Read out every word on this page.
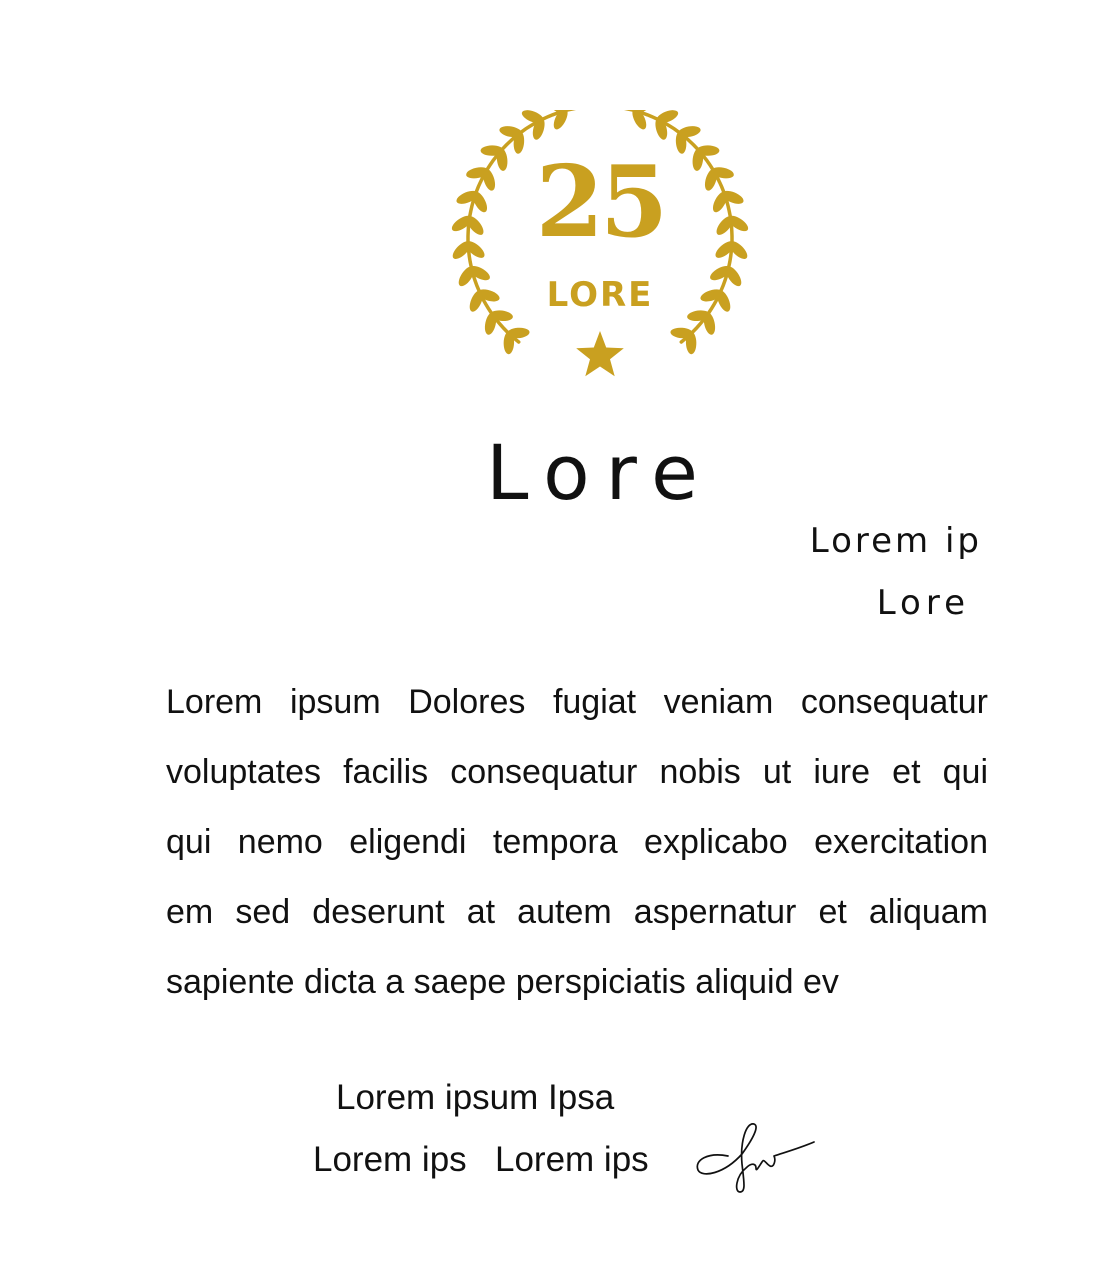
25
LORE
Lore
Lorem ip
Lore
Lorem ipsum Dolores fugiat veniam consequatur
voluptates facilis consequatur nobis ut iure et qui
qui nemo eligendi tempora explicabo exercitation
em sed deserunt at autem aspernatur et aliquam
sapiente dicta a saepe perspiciatis aliquid ev
Lorem ipsum Ipsa
Lorem ips Lorem ips
